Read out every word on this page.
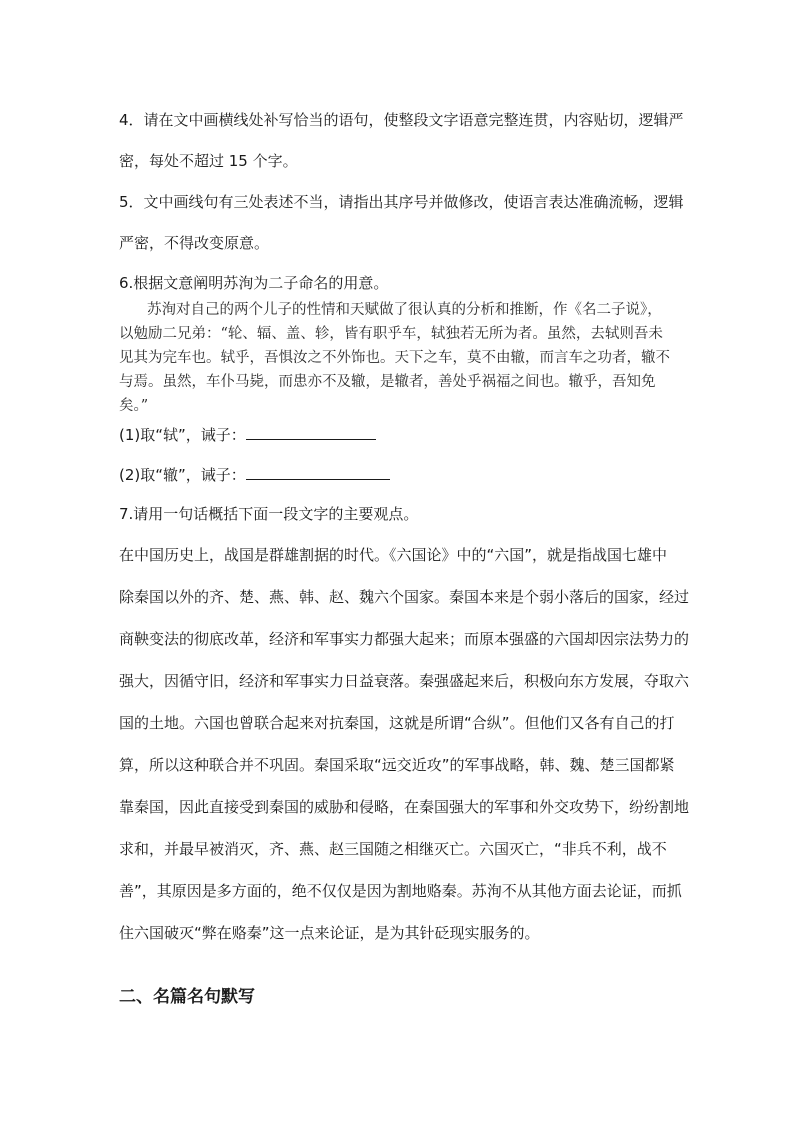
4．请在文中画横线处补写恰当的语句，使整段文字语意完整连贯，内容贴切，逻辑严
密，每处不超过 15 个字。
5．文中画线句有三处表述不当，请指出其序号并做修改，使语言表达准确流畅，逻辑
严密，不得改变原意。
6.根据文意阐明苏洵为二子命名的用意。
苏洵对自己的两个儿子的性情和天赋做了很认真的分析和推断，作《名二子说》，
以勉励二兄弟：“轮、辐、盖、轸，皆有职乎车，轼独若无所为者。虽然，去轼则吾未
见其为完车也。轼乎，吾惧汝之不外饰也。天下之车，莫不由辙，而言车之功者，辙不
与焉。虽然，车仆马毙，而患亦不及辙，是辙者，善处乎祸福之间也。辙乎，吾知免
矣。”
(1)取“轼”，诫子：
(2)取“辙”，诫子：
7.请用一句话概括下面一段文字的主要观点。
在中国历史上，战国是群雄割据的时代。《六国论》中的“六国”，就是指战国七雄中
除秦国以外的齐、楚、燕、韩、赵、魏六个国家。秦国本来是个弱小落后的国家，经过
商鞅变法的彻底改革，经济和军事实力都强大起来；而原本强盛的六国却因宗法势力的
强大，因循守旧，经济和军事实力日益衰落。秦强盛起来后，积极向东方发展，夺取六
国的土地。六国也曾联合起来对抗秦国，这就是所谓“合纵”。但他们又各有自己的打
算，所以这种联合并不巩固。秦国采取“远交近攻”的军事战略，韩、魏、楚三国都紧
靠秦国，因此直接受到秦国的威胁和侵略，在秦国强大的军事和外交攻势下，纷纷割地
求和，并最早被消灭，齐、燕、赵三国随之相继灭亡。六国灭亡，“非兵不利，战不
善”，其原因是多方面的，绝不仅仅是因为割地赂秦。苏洵不从其他方面去论证，而抓
住六国破灭“弊在赂秦”这一点来论证，是为其针砭现实服务的。
二、名篇名句默写
